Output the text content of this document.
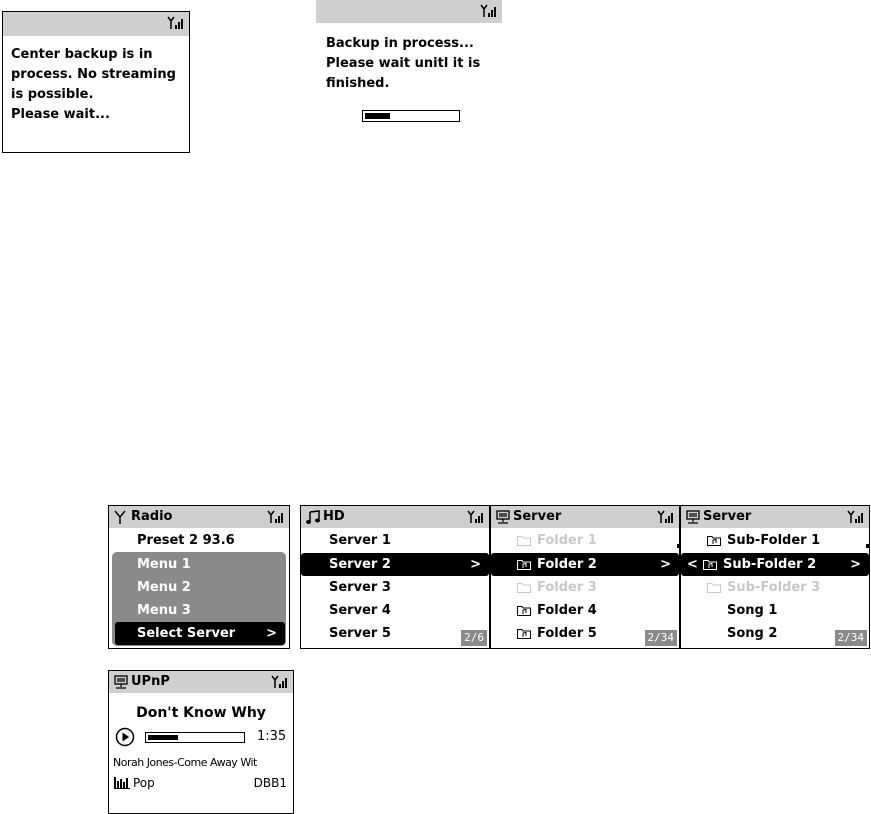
Center backup is in
process. No streaming
is possible.
Please wait...
Backup in process...
Please wait unitl it is
finished.
Radio
Preset 2 93.6
Menu 1
Menu 2
Menu 3
Select Server >
HD
Server 1
Server 2	>
Server 3
Server 4
Server 5	2/6
Server
Folder 1
Folder 2	>
Folder 3
Folder 4
Folder 5	2/34
Server
Sub-Folder 1
< Sub-Folder 2	>
Sub-Folder 3
Song 1
Song 2	2/34
UPnP
Don't Know Why
1:35
Norah Jones-Come Away Wit
Pop	DBB1
